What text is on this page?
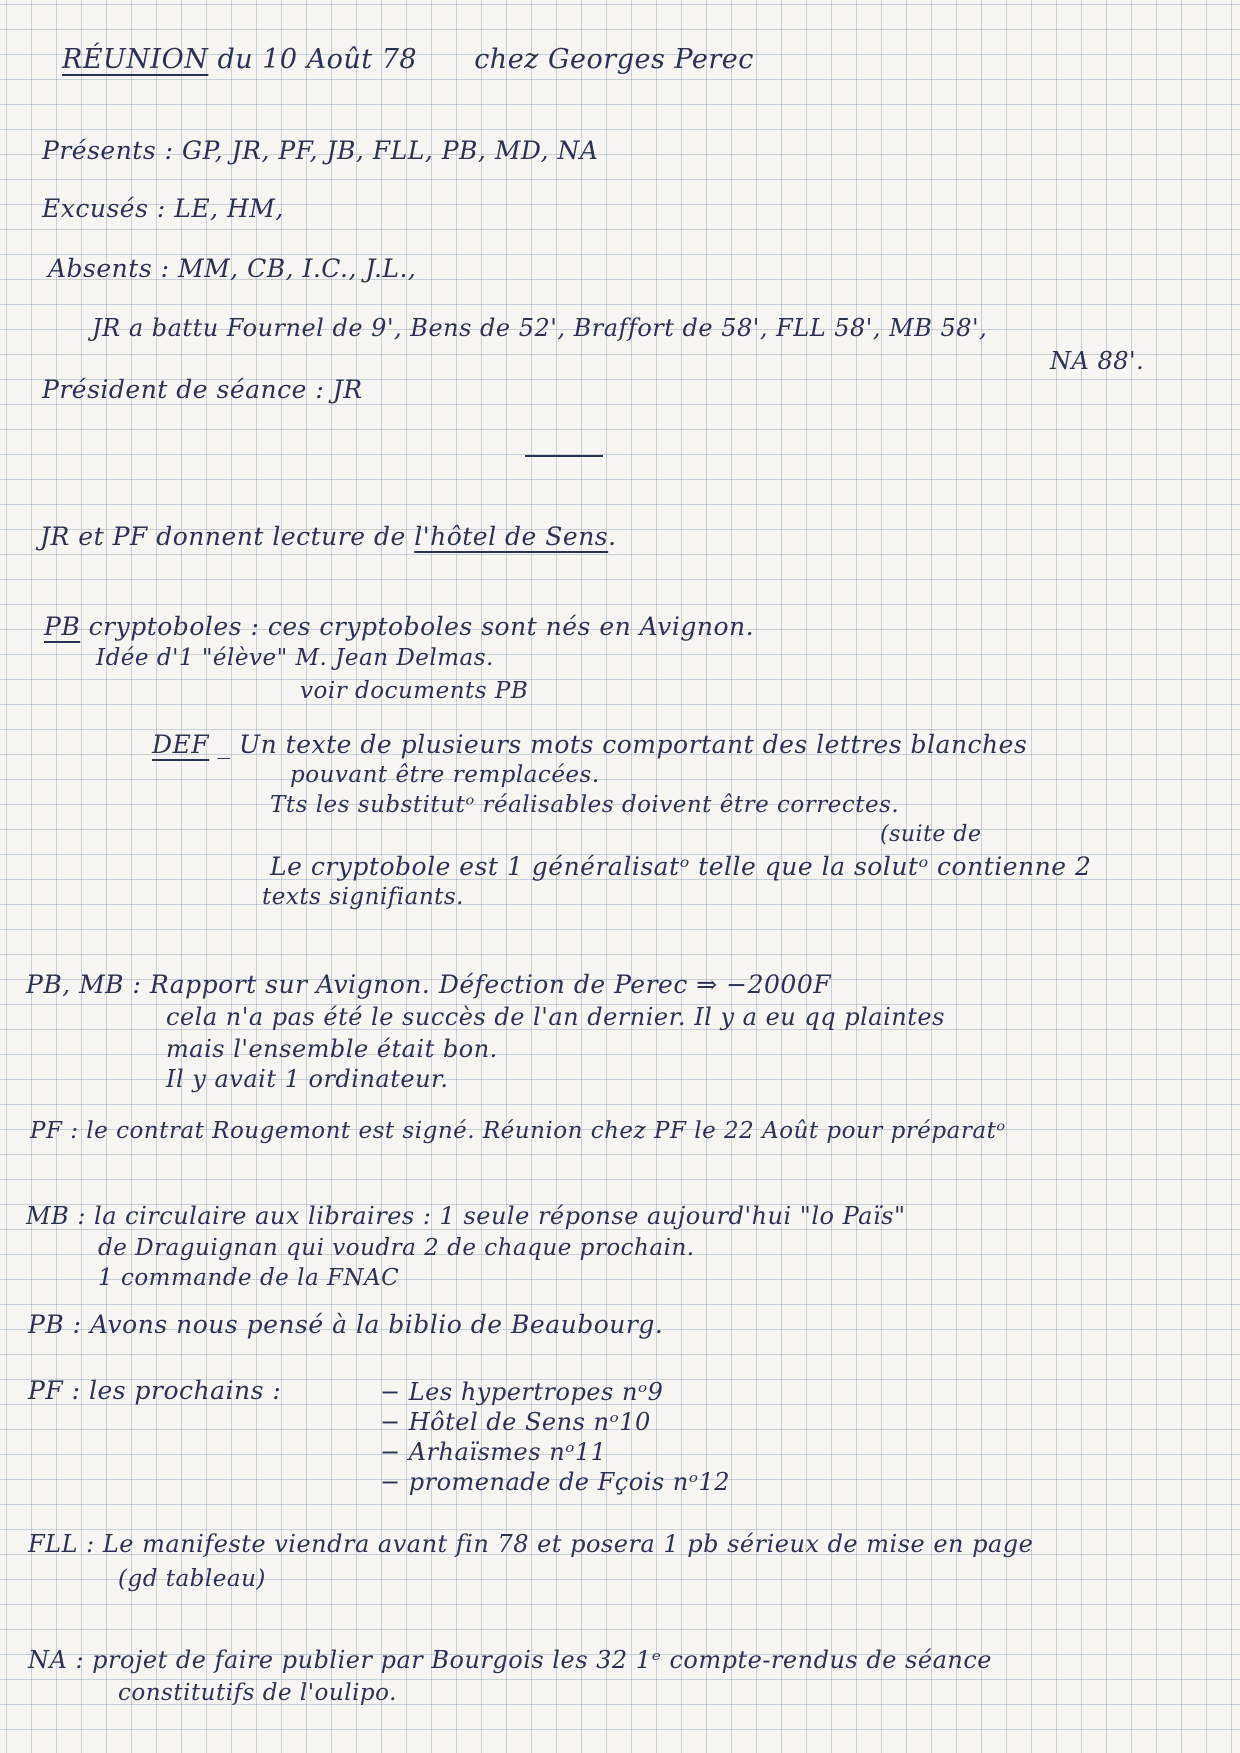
RÉUNION du 10 Août 78 chez Georges Perec
Présents : GP, JR, PF, JB, FLL, PB, MD, NA
Excusés : LE, HM,
Absents : MM, CB, I.C., J.L.,
JR a battu Fournel de 9', Bens de 52', Braffort de 58', FLL 58', MB 58',
NA 88'.
Président de séance : JR
JR et PF donnent lecture de l'hôtel de Sens.
PB cryptoboles : ces cryptoboles sont nés en Avignon.
Idée d'1 "élève" M. Jean Delmas.
voir documents PB
DEF _ Un texte de plusieurs mots comportant des lettres blanches
pouvant être remplacées.
Tts les substitutᵒ réalisables doivent être correctes.
(suite de
Le cryptobole est 1 généralisatᵒ telle que la solutᵒ contienne 2
texts signifiants.
PB, MB : Rapport sur Avignon. Défection de Perec ⇒ −2000F
cela n'a pas été le succès de l'an dernier. Il y a eu qq plaintes
mais l'ensemble était bon.
Il y avait 1 ordinateur.
PF : le contrat Rougemont est signé. Réunion chez PF le 22 Août pour préparatᵒ
MB : la circulaire aux libraires : 1 seule réponse aujourd'hui "lo Païs"
de Draguignan qui voudra 2 de chaque prochain.
1 commande de la FNAC
PB : Avons nous pensé à la biblio de Beaubourg.
PF : les prochains :	− Les hypertropes nᵒ9
− Hôtel de Sens nᵒ10
− Arhaïsmes nᵒ11
− promenade de Fçois nᵒ12
FLL : Le manifeste viendra avant fin 78 et posera 1 pb sérieux de mise en page
(gd tableau)
NA : projet de faire publier par Bourgois les 32 1ᵉ compte-rendus de séance
constitutifs de l'oulipo.
